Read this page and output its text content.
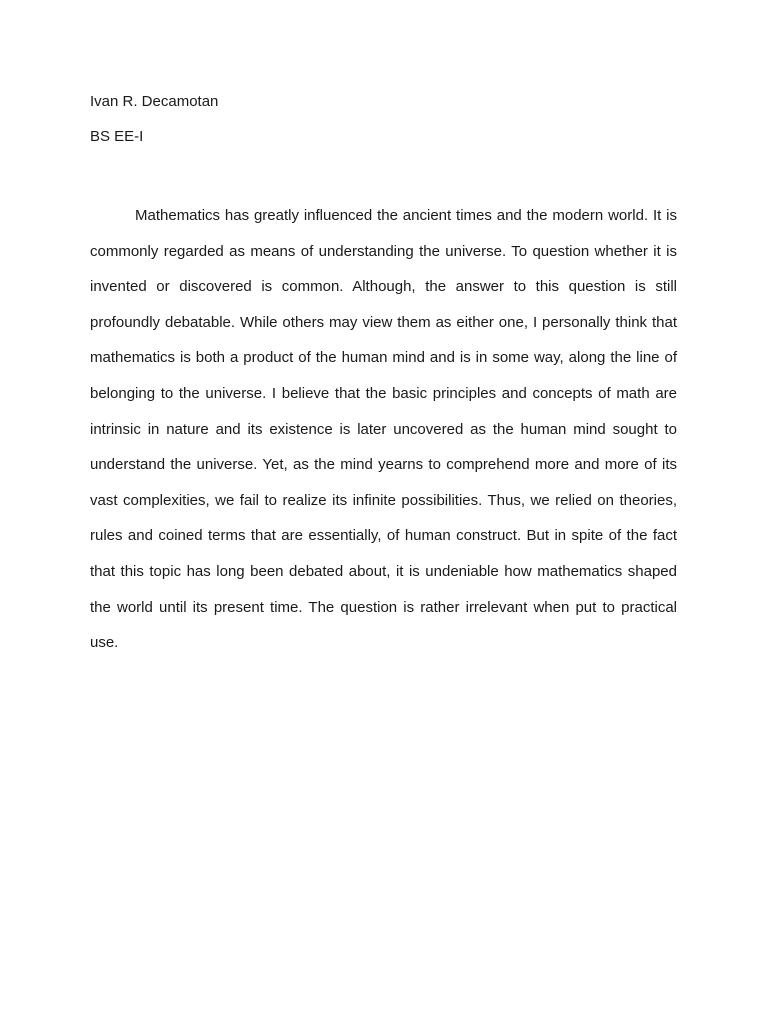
Ivan R. Decamotan
BS EE-I

Mathematics has greatly influenced the ancient times and the modern world. It is commonly regarded as means of understanding the universe. To question whether it is invented or discovered is common. Although, the answer to this question is still profoundly debatable. While others may view them as either one, I personally think that mathematics is both a product of the human mind and is in some way, along the line of belonging to the universe. I believe that the basic principles and concepts of math are intrinsic in nature and its existence is later uncovered as the human mind sought to understand the universe. Yet, as the mind yearns to comprehend more and more of its vast complexities, we fail to realize its infinite possibilities. Thus, we relied on theories, rules and coined terms that are essentially, of human construct. But in spite of the fact that this topic has long been debated about, it is undeniable how mathematics shaped the world until its present time. The question is rather irrelevant when put to practical use.
